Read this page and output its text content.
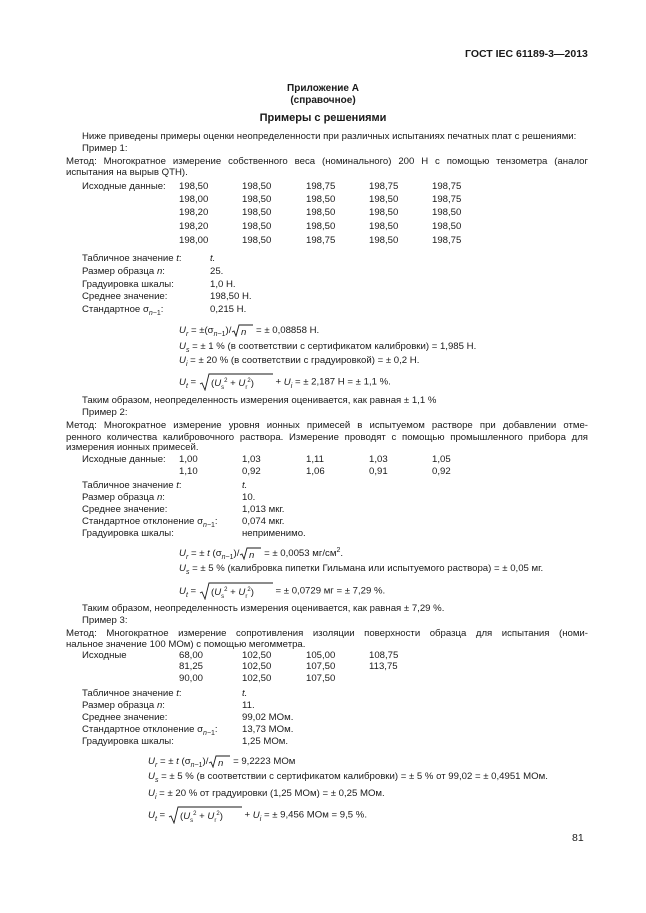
ГОСТ IEC 61189-3—2013
Приложение А
(справочное)
Примеры с решениями
Ниже приведены примеры оценки неопределенности при различных испытаниях печатных плат с решениями:
Пример 1:
Метод: Многократное измерение собственного веса (номинального) 200 Н с помощью тензометра (аналог
испытания на вырыв QTH).
Исходные данные: 198,50	198,50	198,75	198,75	198,75
198,00	198,50	198,50	198,50	198,75
198,20	198,50	198,50	198,50	198,50
198,20	198,50	198,50	198,50	198,50
198,00	198,50	198,75	198,50	198,75
Табличное значение t:	t.
Размер образца n:	25.
Градуировка шкалы:	1,0 Н.
Среднее значение:	198,50 Н.
Стандартное $\sigma_{n-1}$:	0,215 Н.
$U_r = \pm(\sigma_{n-1})/$ n = ± 0,08858 Н.
$U_s$ = ± 1 % (в соответствии с сертификатом калибровки) = 1,985 Н.
$U_i$ = ± 20 % (в соответствии с градуировкой) = ± 0,2 Н.
$U_t = (U_s^2 + U_r^2) + U_i$ = ± 2,187 Н = ± 1,1 %.
Таким образом, неопределенность измерения оценивается, как равная ± 1,1 %
Пример 2:
Метод: Многократное измерение уровня ионных примесей в испытуемом растворе при добавлении отме-
ренного количества калибровочного раствора. Измерение проводят с помощью промышленного прибора для
измерения ионных примесей.
Исходные данные: 1,00	1,03	1,11	1,03	1,05
1,10	0,92	1,06	0,91	0,92
Табличное значение t:	t.
Размер образца n:	10.
Среднее значение:	1,013 мкг.
Стандартное отклонение $\sigma_{n-1}$:	0,074 мкг.
Градуировка шкалы:	неприменимо.
$U_r$ = ± t $(\sigma_{n-1})/$ n = ± 0,0053 $мг/см^2$.
$U_s$ = ± 5 % (калибровка пипетки Гильмана или испытуемого раствора) = ± 0,05 мг.
$U_t = (U_s^2 + U_r^2)$ = ± 0,0729 мг = ± 7,29 %.
Таким образом, неопределенность измерения оценивается, как равная ± 7,29 %.
Пример 3:
Метод: Многократное измерение сопротивления изоляции поверхности образца для испытания (номи-
нальное значение 100 МОм) с помощью мегомметра.
Исходные	68,00	102,50	105,00	108,75
81,25	102,50	107,50	113,75
90,00	102,50	107,50
Табличное значение t:	t.
Размер образца n:	11.
Среднее значение:	99,02 МОм.
Стандартное отклонение $\sigma_{n-1}$:	13,73 МОм.
Градуировка шкалы:	1,25 МОм.
$U_r$ = ± t $(\sigma_{n-1})/$ n = 9,2223 МОм
$U_s$ = ± 5 % (в соответствии с сертификатом калибровки) = ± 5 % от 99,02 = ± 0,4951 МОм.
$U_i$ = ± 20 % от градуировки (1,25 МОм) = ± 0,25 МОм.
$U_t = (U_s^2 + U_r^2) + U_i$ = ± 9,456 МОм = 9,5 %.
81
